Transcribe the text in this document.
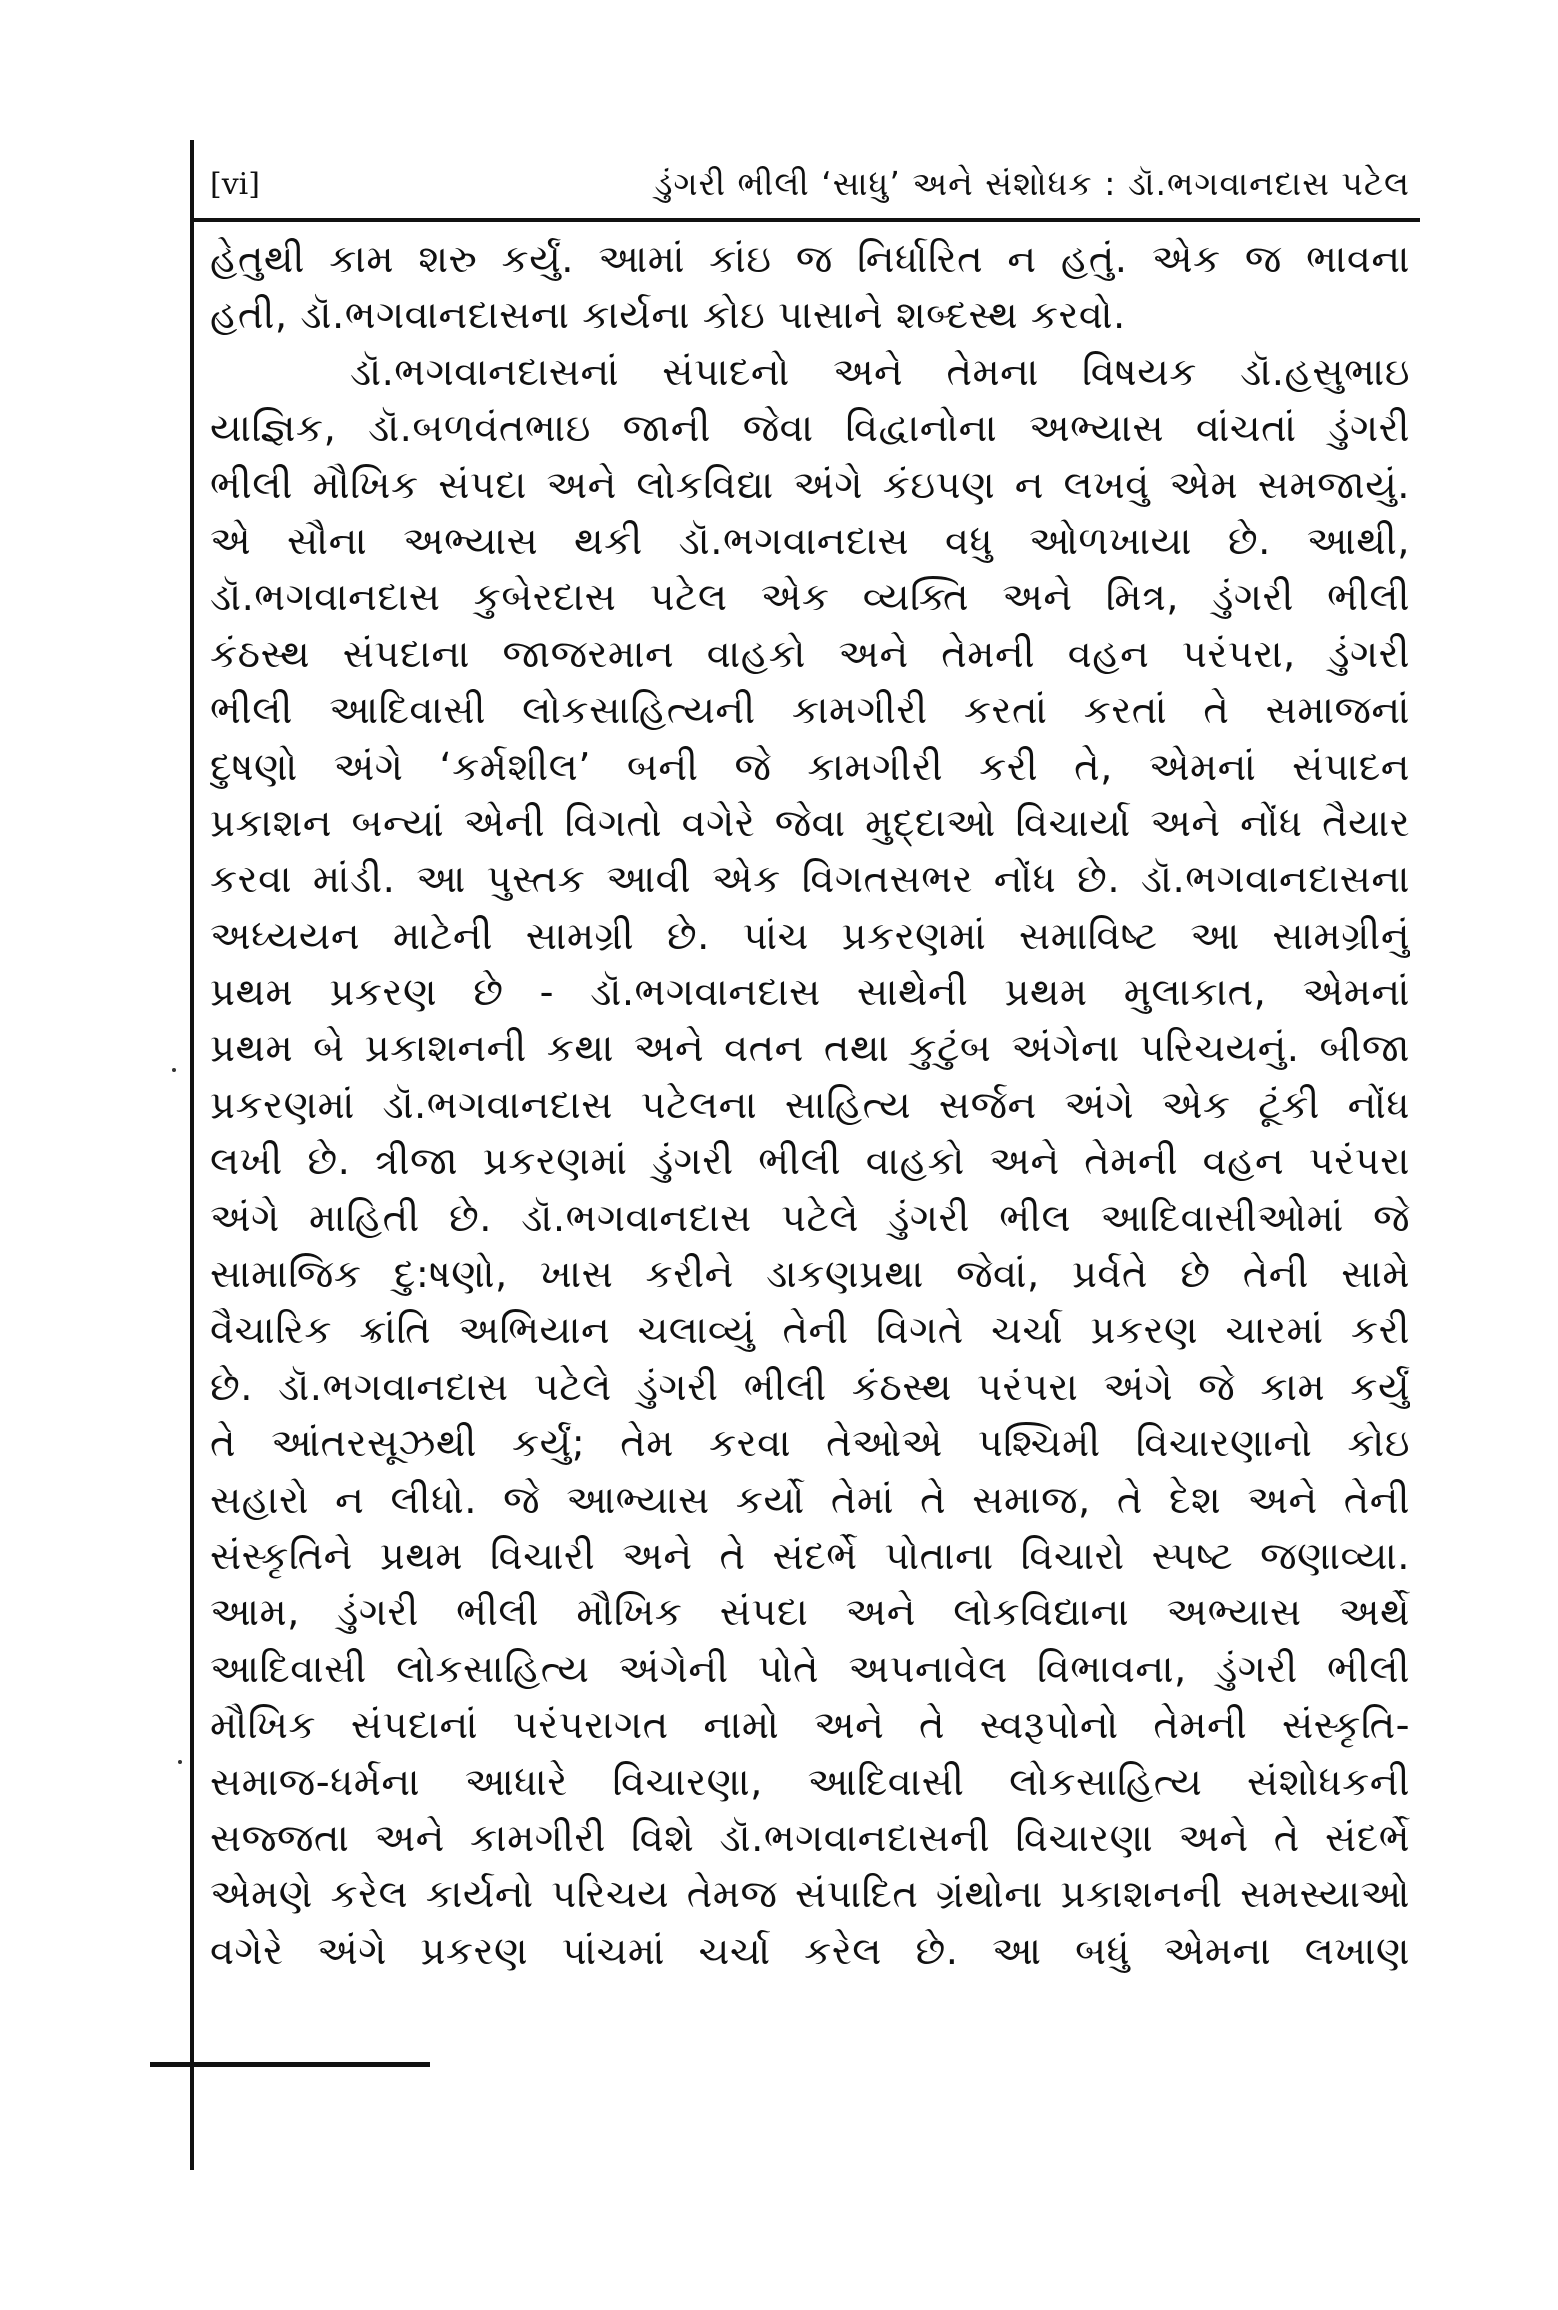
[vi]	ડુંગરી ભીલી ‘સાધુ’ અને સંશોધક : ડૉ.ભગવાનદાસ પટેલ
હેતુથી કામ શરુ કર્યું. આમાં કાંઇ જ નિર્ધારિત ન હતું. એક જ ભાવના
હતી, ડૉ.ભગવાનદાસના કાર્યના કોઇ પાસાને શબ્દસ્થ કરવો.
ડૉ.ભગવાનદાસનાં સંપાદનો અને તેમના વિષયક ડૉ.હસુભાઇ
યાજ્ઞિક, ડૉ.બળવંતભાઇ જાની જેવા વિદ્વાનોના અભ્યાસ વાંચતાં ડુંગરી
ભીલી મૌખિક સંપદા અને લોકવિદ્યા અંગે કંઇપણ ન લખવું એમ સમજાયું.
એ સૌના અભ્યાસ થકી ડૉ.ભગવાનદાસ વધુ ઓળખાયા છે. આથી,
ડૉ.ભગવાનદાસ કુબેરદાસ પટેલ એક વ્યક્તિ અને મિત્ર, ડુંગરી ભીલી
કંઠસ્થ સંપદાના જાજરમાન વાહકો અને તેમની વહન પરંપરા, ડુંગરી
ભીલી આદિવાસી લોકસાહિત્યની કામગીરી કરતાં કરતાં તે સમાજનાં
દુષણો અંગે ‘કર્મશીલ’ બની જે કામગીરી કરી તે, એમનાં સંપાદન
પ્રકાશન બન્યાં એની વિગતો વગેરે જેવા મુદ્દાઓ વિચાર્યા અને નોંધ તૈયાર
કરવા માંડી. આ પુસ્તક આવી એક વિગતસભર નોંધ છે. ડૉ.ભગવાનદાસના
અધ્યયન માટેની સામગ્રી છે. પાંચ પ્રકરણમાં સમાવિષ્ટ આ સામગ્રીનું
પ્રથમ પ્રકરણ છે - ડૉ.ભગવાનદાસ સાથેની પ્રથમ મુલાકાત, એમનાં
પ્રથમ બે પ્રકાશનની કથા અને વતન તથા કુટુંબ અંગેના પરિચયનું. બીજા
પ્રકરણમાં ડૉ.ભગવાનદાસ પટેલના સાહિત્ય સર્જન અંગે એક ટૂંકી નોંધ
લખી છે. ત્રીજા પ્રકરણમાં ડુંગરી ભીલી વાહકો અને તેમની વહન પરંપરા
અંગે માહિતી છે. ડૉ.ભગવાનદાસ પટેલે ડુંગરી ભીલ આદિવાસીઓમાં જે
સામાજિક દુ:ષણો, ખાસ કરીને ડાકણપ્રથા જેવાં, પ્રર્વતે છે તેની સામે
વૈચારિક ક્રાંતિ અભિયાન ચલાવ્યું તેની વિગતે ચર્ચા પ્રકરણ ચારમાં કરી
છે. ડૉ.ભગવાનદાસ પટેલે ડુંગરી ભીલી કંઠસ્થ પરંપરા અંગે જે કામ કર્યું
તે આંતરસૂઝથી કર્યું; તેમ કરવા તેઓએ પશ્ચિમી વિચારણાનો કોઇ
સહારો ન લીધો. જે આભ્યાસ કર્યો તેમાં તે સમાજ, તે દેશ અને તેની
સંસ્કૃતિને પ્રથમ વિચારી અને તે સંદર્ભે પોતાના વિચારો સ્પષ્ટ જણાવ્યા.
આમ, ડુંગરી ભીલી મૌખિક સંપદા અને લોકવિદ્યાના અભ્યાસ અર્થે
આદિવાસી લોકસાહિત્ય અંગેની પોતે અપનાવેલ વિભાવના, ડુંગરી ભીલી
મૌખિક સંપદાનાં પરંપરાગત નામો અને તે સ્વરૂપોનો તેમની સંસ્કૃતિ-
સમાજ-ધર્મના આધારે વિચારણા, આદિવાસી લોકસાહિત્ય સંશોધકની
સજ્જતા અને કામગીરી વિશે ડૉ.ભગવાનદાસની વિચારણા અને તે સંદર્ભે
એમણે કરેલ કાર્યનો પરિચય તેમજ સંપાદિત ગ્રંથોના પ્રકાશનની સમસ્યાઓ
વગેરે અંગે પ્રકરણ પાંચમાં ચર્ચા કરેલ છે. આ બધું એમના લખાણ
